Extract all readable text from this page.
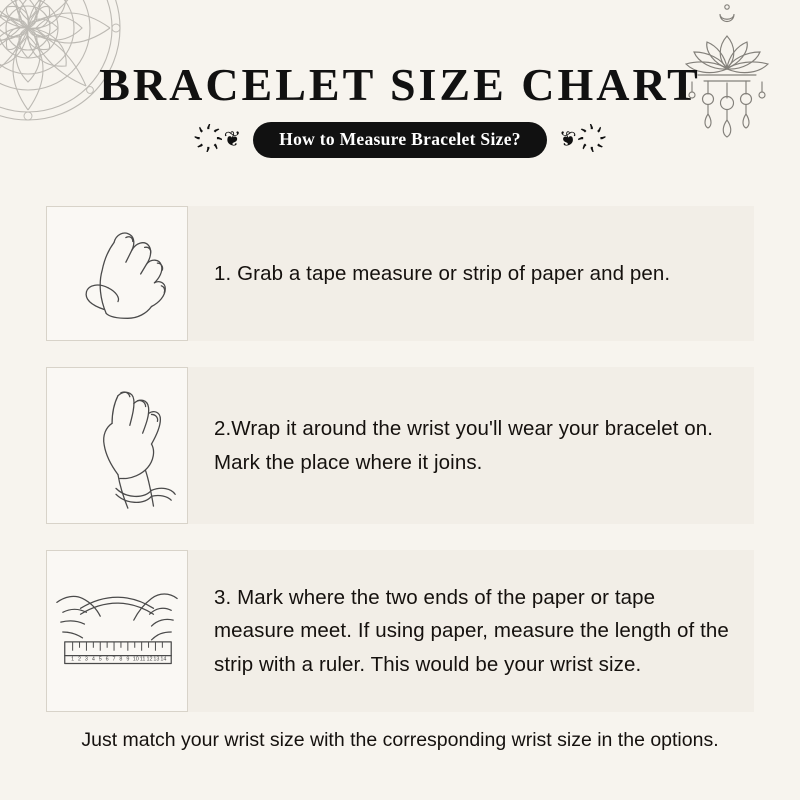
BRACELET SIZE CHART
҉❦	How to Measure Bracelet Size?	҉❦
1. Grab a tape measure or strip of paper and pen.
2.Wrap it around the wrist you'll wear your bracelet on. Mark the place where it joins.
1 2 3 4 5 6 7 8 9 10 11 12 13 14
3. Mark where the two ends of the paper or tape measure meet. If using paper, measure the length of the strip with a ruler. This would be your wrist size.
Just match your wrist size with the corresponding wrist size in the options.
